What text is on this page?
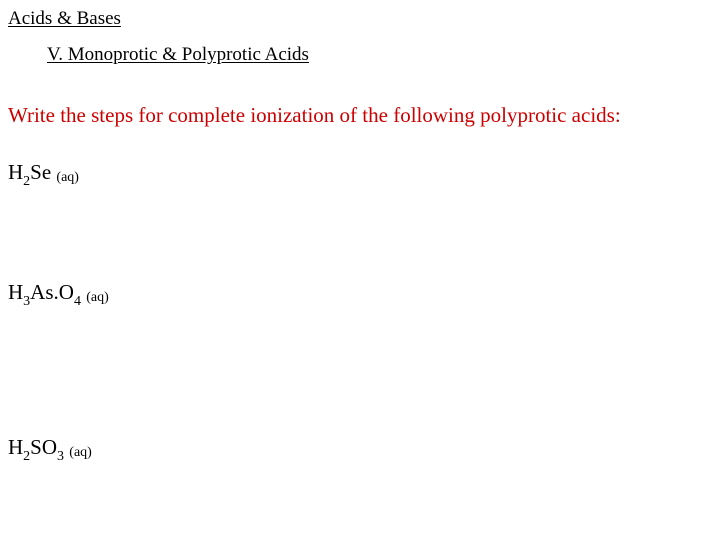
Acids & Bases
V. Monoprotic & Polyprotic Acids
Write the steps for complete ionization of the following polyprotic acids:
$H_2Se$ (aq)
$H_3As.O_4$ (aq)
$H_2SO_3$ (aq)
